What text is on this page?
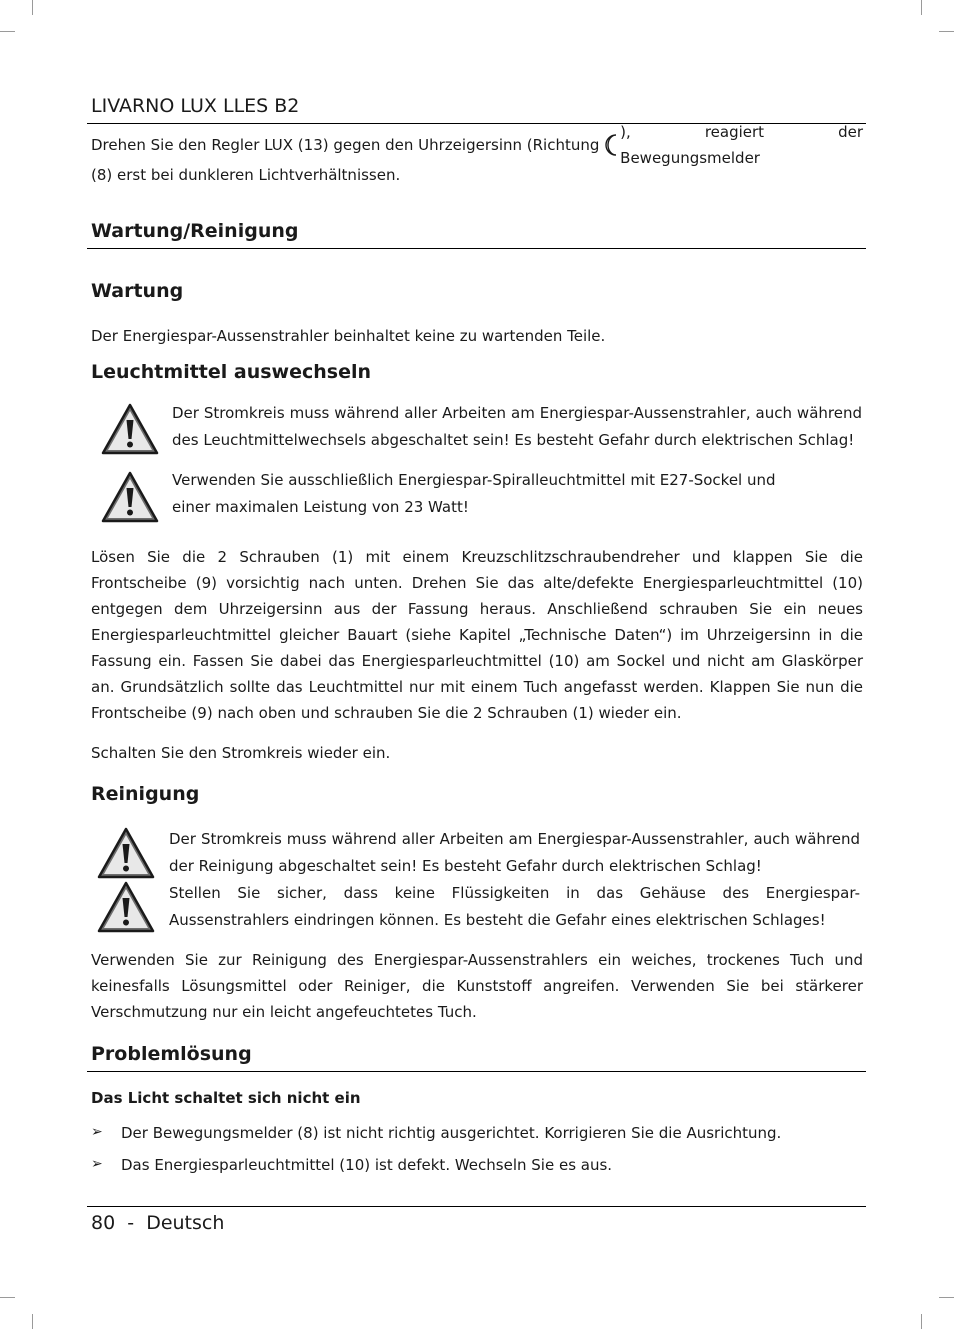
LIVARNO LUX LLES B2
Drehen Sie den Regler LUX (13) gegen den Uhrzeigersinn (Richtung
), reagiert der Bewegungsmelder
(8) erst bei dunkleren Lichtverhältnissen.
Wartung/Reinigung
Wartung
Der Energiespar-Aussenstrahler beinhaltet keine zu wartenden Teile.
Leuchtmittel auswechseln
Der Stromkreis muss während aller Arbeiten am Energiespar-Aussenstrahler, auch während des Leuchtmittelwechsels abgeschaltet sein! Es besteht Gefahr durch elektrischen Schlag!
Verwenden Sie ausschließlich Energiespar-Spiralleuchtmittel mit E27-Sockel und einer maximalen Leistung von 23 Watt!
Lösen Sie die 2 Schrauben (1) mit einem Kreuzschlitzschraubendreher und klappen Sie die Frontscheibe (9) vorsichtig nach unten. Drehen Sie das alte/defekte Energiesparleuchtmittel (10) entgegen dem Uhrzeigersinn aus der Fassung heraus. Anschließend schrauben Sie ein neues Energiesparleuchtmittel gleicher Bauart (siehe Kapitel „Technische Daten“) im Uhrzeigersinn in die Fassung ein. Fassen Sie dabei das Energiesparleuchtmittel (10) am Sockel und nicht am Glaskörper an. Grundsätzlich sollte das Leuchtmittel nur mit einem Tuch angefasst werden. Klappen Sie nun die Frontscheibe (9) nach oben und schrauben Sie die 2 Schrauben (1) wieder ein.
Schalten Sie den Stromkreis wieder ein.
Reinigung
Der Stromkreis muss während aller Arbeiten am Energiespar-Aussenstrahler, auch während der Reinigung abgeschaltet sein! Es besteht Gefahr durch elektrischen Schlag!
Stellen Sie sicher, dass keine Flüssigkeiten in das Gehäuse des Energiespar-Aussenstrahlers eindringen können. Es besteht die Gefahr eines elektrischen Schlages!
Verwenden Sie zur Reinigung des Energiespar-Aussenstrahlers ein weiches, trockenes Tuch und keinesfalls Lösungsmittel oder Reiniger, die Kunststoff angreifen. Verwenden Sie bei stärkerer Verschmutzung nur ein leicht angefeuchtetes Tuch.
Problemlösung
Das Licht schaltet sich nicht ein
➢ Der Bewegungsmelder (8) ist nicht richtig ausgerichtet. Korrigieren Sie die Ausrichtung.
➢ Das Energiesparleuchtmittel (10) ist defekt. Wechseln Sie es aus.
80  -  Deutsch
